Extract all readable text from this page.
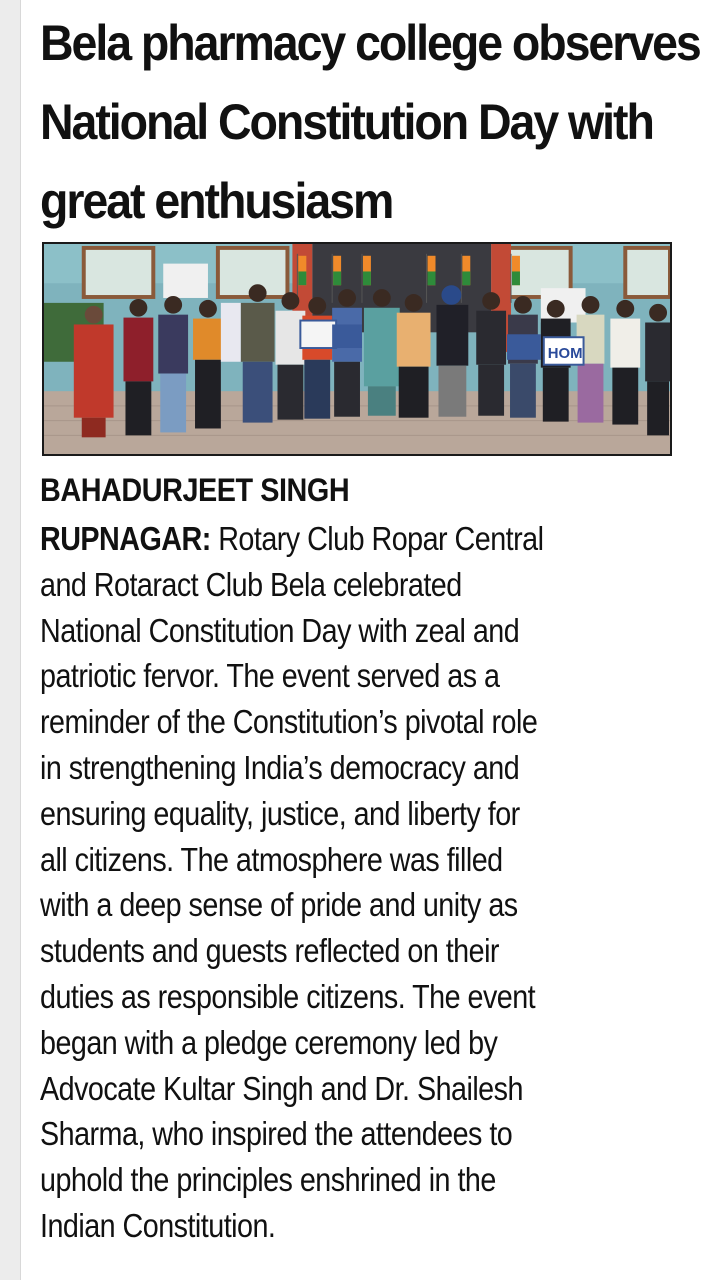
Bela pharmacy college observes
National Constitution Day with
great enthusiasm
HOM
BAHADURJEET SINGH
RUPNAGAR: Rotary Club Ropar Central
and Rotaract Club Bela celebrated
National Constitution Day with zeal and
patriotic fervor. The event served as a
reminder of the Constitution’s pivotal role
in strengthening India’s democracy and
ensuring equality, justice, and liberty for
all citizens. The atmosphere was filled
with a deep sense of pride and unity as
students and guests reflected on their
duties as responsible citizens. The event
began with a pledge ceremony led by
Advocate Kultar Singh and Dr. Shailesh
Sharma, who inspired the attendees to
uphold the principles enshrined in the
Indian Constitution.
